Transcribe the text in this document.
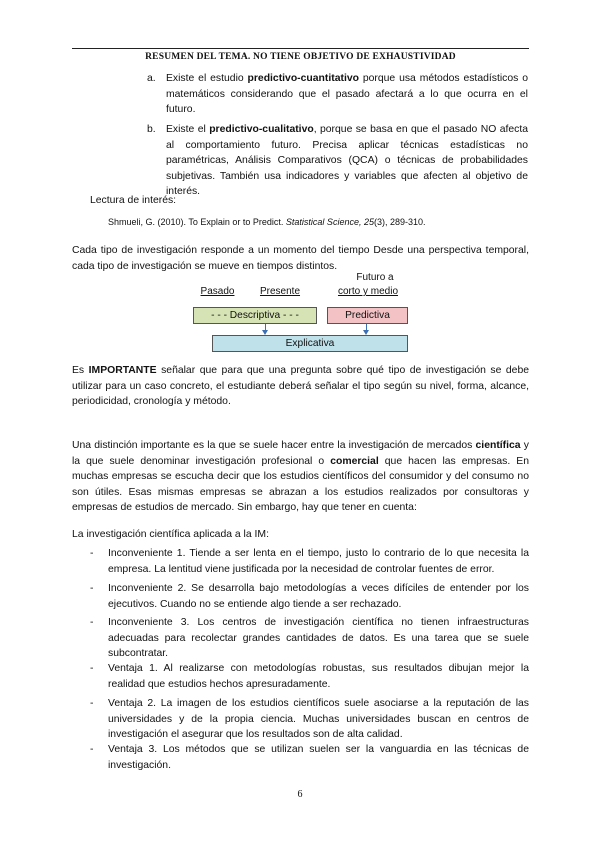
RESUMEN DEL TEMA. NO TIENE OBJETIVO DE EXHAUSTIVIDAD
a. Existe el estudio predictivo-cuantitativo porque usa métodos estadísticos o matemáticos considerando que el pasado afectará a lo que ocurra en el futuro.
b. Existe el predictivo-cualitativo, porque se basa en que el pasado NO afecta al comportamiento futuro. Precisa aplicar técnicas estadísticas no paramétricas, Análisis Comparativos (QCA) o técnicas de probabilidades subjetivas. También usa indicadores y variables que afecten al objetivo de interés.
Lectura de interés:
Shmueli, G. (2010). To Explain or to Predict. Statistical Science, 25(3), 289-310.
Cada tipo de investigación responde a un momento del tiempo Desde una perspectiva temporal, cada tipo de investigación se mueve en tiempos distintos.
Futuro a
Pasado	Presente	corto y medio
- - - Descriptiva - - -	Predictiva
Explicativa
Es IMPORTANTE señalar que para que una pregunta sobre qué tipo de investigación se debe utilizar para un caso concreto, el estudiante deberá señalar el tipo según su nivel, forma, alcance, periodicidad, cronología y método.
Una distinción importante es la que se suele hacer entre la investigación de mercados científica y la que suele denominar investigación profesional o comercial que hacen las empresas. En muchas empresas se escucha decir que los estudios científicos del consumidor y del consumo no son útiles. Esas mismas empresas se abrazan a los estudios realizados por consultoras y empresas de estudios de mercado. Sin embargo, hay que tener en cuenta:
La investigación científica aplicada a la IM:
- Inconveniente 1. Tiende a ser lenta en el tiempo, justo lo contrario de lo que necesita la empresa. La lentitud viene justificada por la necesidad de controlar fuentes de error.
- Inconveniente 2. Se desarrolla bajo metodologías a veces difíciles de entender por los ejecutivos. Cuando no se entiende algo tiende a ser rechazado.
- Inconveniente 3. Los centros de investigación científica no tienen infraestructuras adecuadas para recolectar grandes cantidades de datos. Es una tarea que se suele subcontratar.
- Ventaja 1. Al realizarse con metodologías robustas, sus resultados dibujan mejor la realidad que estudios hechos apresuradamente.
- Ventaja 2. La imagen de los estudios científicos suele asociarse a la reputación de las universidades y de la propia ciencia. Muchas universidades buscan en centros de investigación el asegurar que los resultados son de alta calidad.
- Ventaja 3. Los métodos que se utilizan suelen ser la vanguardia en las técnicas de investigación.
6
